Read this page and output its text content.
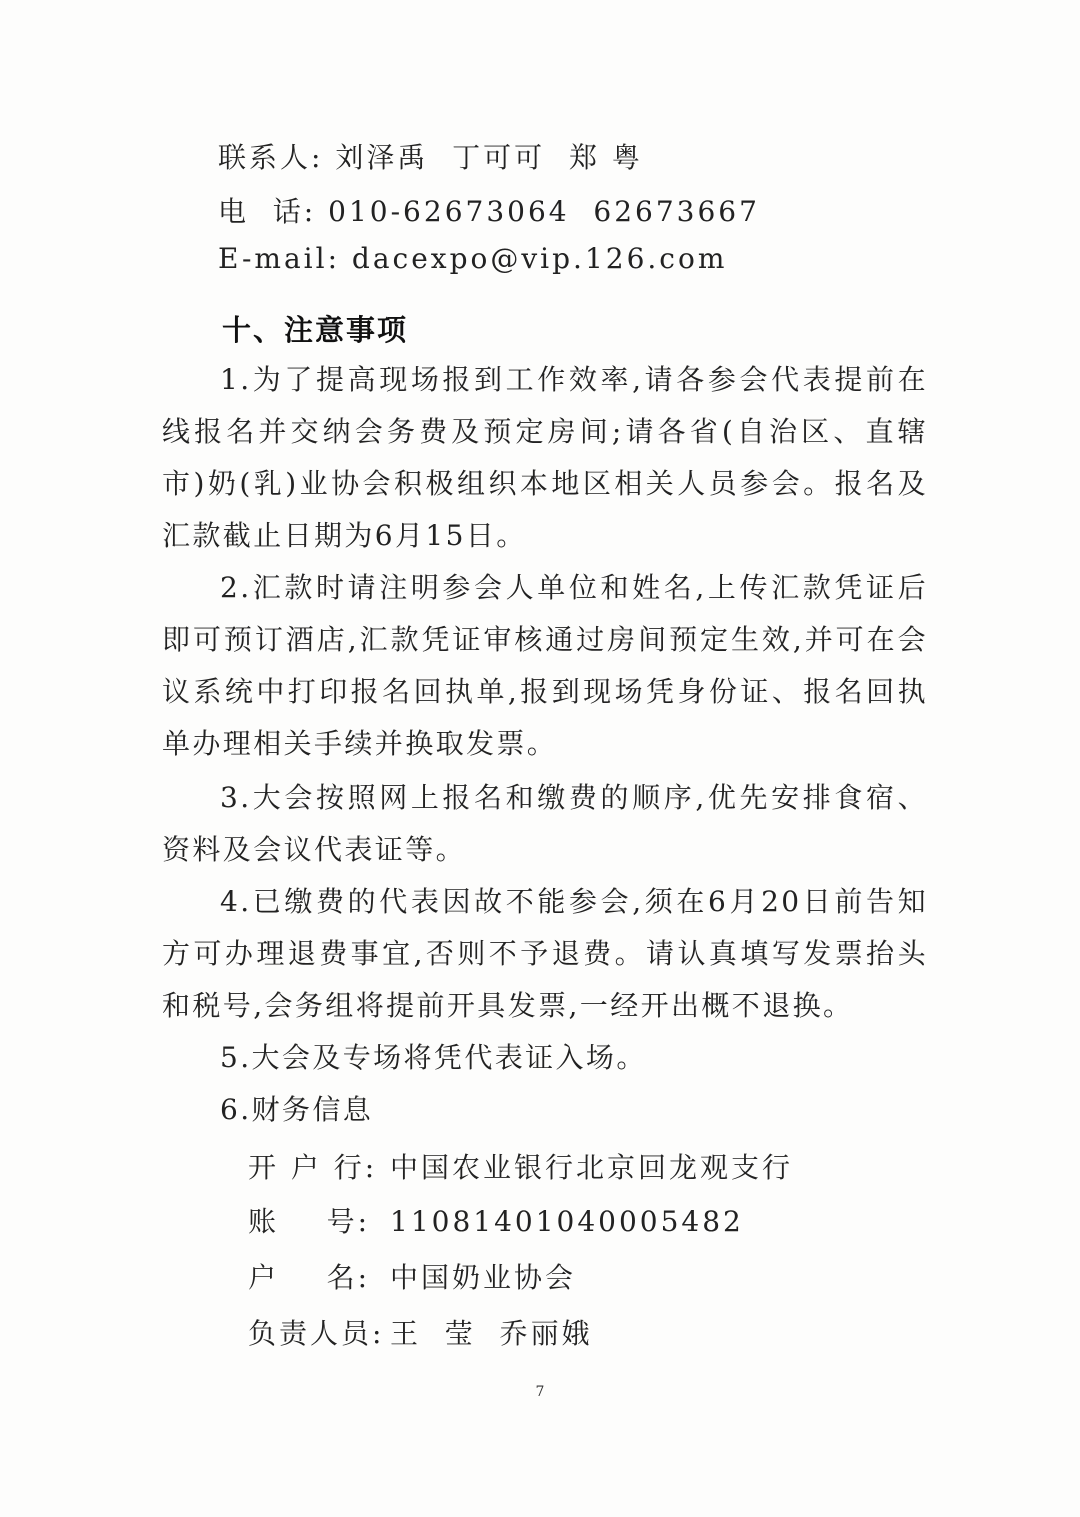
联系人: 刘泽禹  丁可可  郑 粤
电  话: 010-62673064  62673667
E-mail: dacexpo@vip.126.com
十、注意事项

1.为了提高现场报到工作效率,请各参会代表提前在线报名并交纳会务费及预定房间;请各省(自治区、直辖市)奶(乳)业协会积极组织本地区相关人员参会。报名及汇款截止日期为6月15日。

2.汇款时请注明参会人单位和姓名,上传汇款凭证后即可预订酒店,汇款凭证审核通过房间预定生效,并可在会议系统中打印报名回执单,报到现场凭身份证、报名回执单办理相关手续并换取发票。

3.大会按照网上报名和缴费的顺序,优先安排食宿、资料及会议代表证等。

4.已缴费的代表因故不能参会,须在6月20日前告知方可办理退费事宜,否则不予退费。请认真填写发票抬头和税号,会务组将提前开具发票,一经开出概不退换。

5.大会及专场将凭代表证入场。

6.财务信息

开 户 行: 中国农业银行北京回龙观支行
账    号: 11081401040005482
户    名: 中国奶业协会
负责人员: 王  莹  乔丽娥
7
